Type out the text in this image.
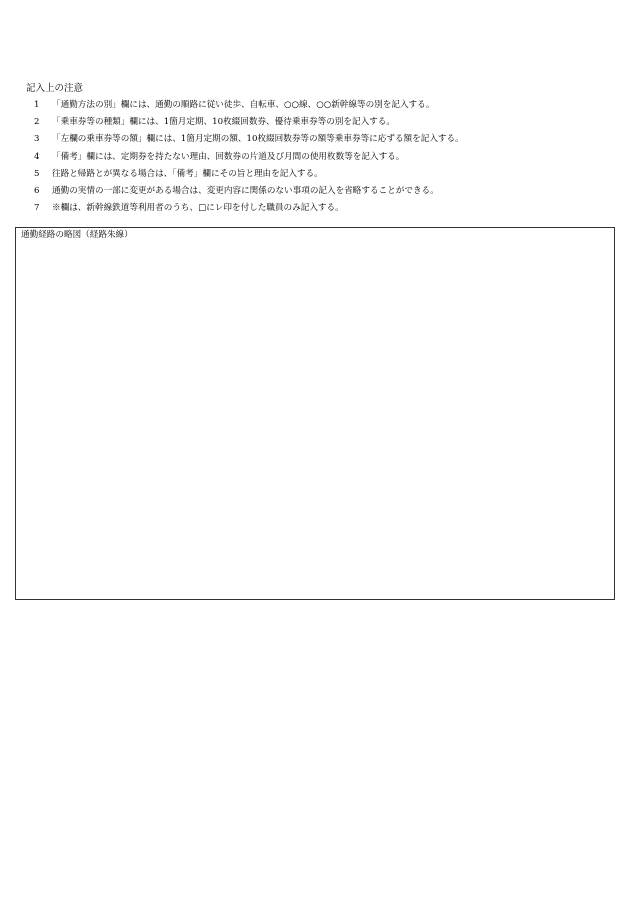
記入上の注意
1	「通勤方法の別」欄には、通勤の順路に従い徒歩、自転車、○○線、○○新幹線等の別を記入する。
2	「乗車券等の種類」欄には、1箇月定期、10枚綴回数券、優待乗車券等の別を記入する。
3	「左欄の乗車券等の額」欄には、1箇月定期の額、10枚綴回数券等の額等乗車券等に応ずる額を記入する。
4	「備考」欄には、定期券を持たない理由、回数券の片道及び月間の使用枚数等を記入する。
5	往路と帰路とが異なる場合は、「備考」欄にその旨と理由を記入する。
6	通勤の実情の一部に変更がある場合は、変更内容に関係のない事項の記入を省略することができる。
7	※欄は、新幹線鉄道等利用者のうち、□にレ印を付した職員のみ記入する。
通勤経路の略図（経路朱線）
